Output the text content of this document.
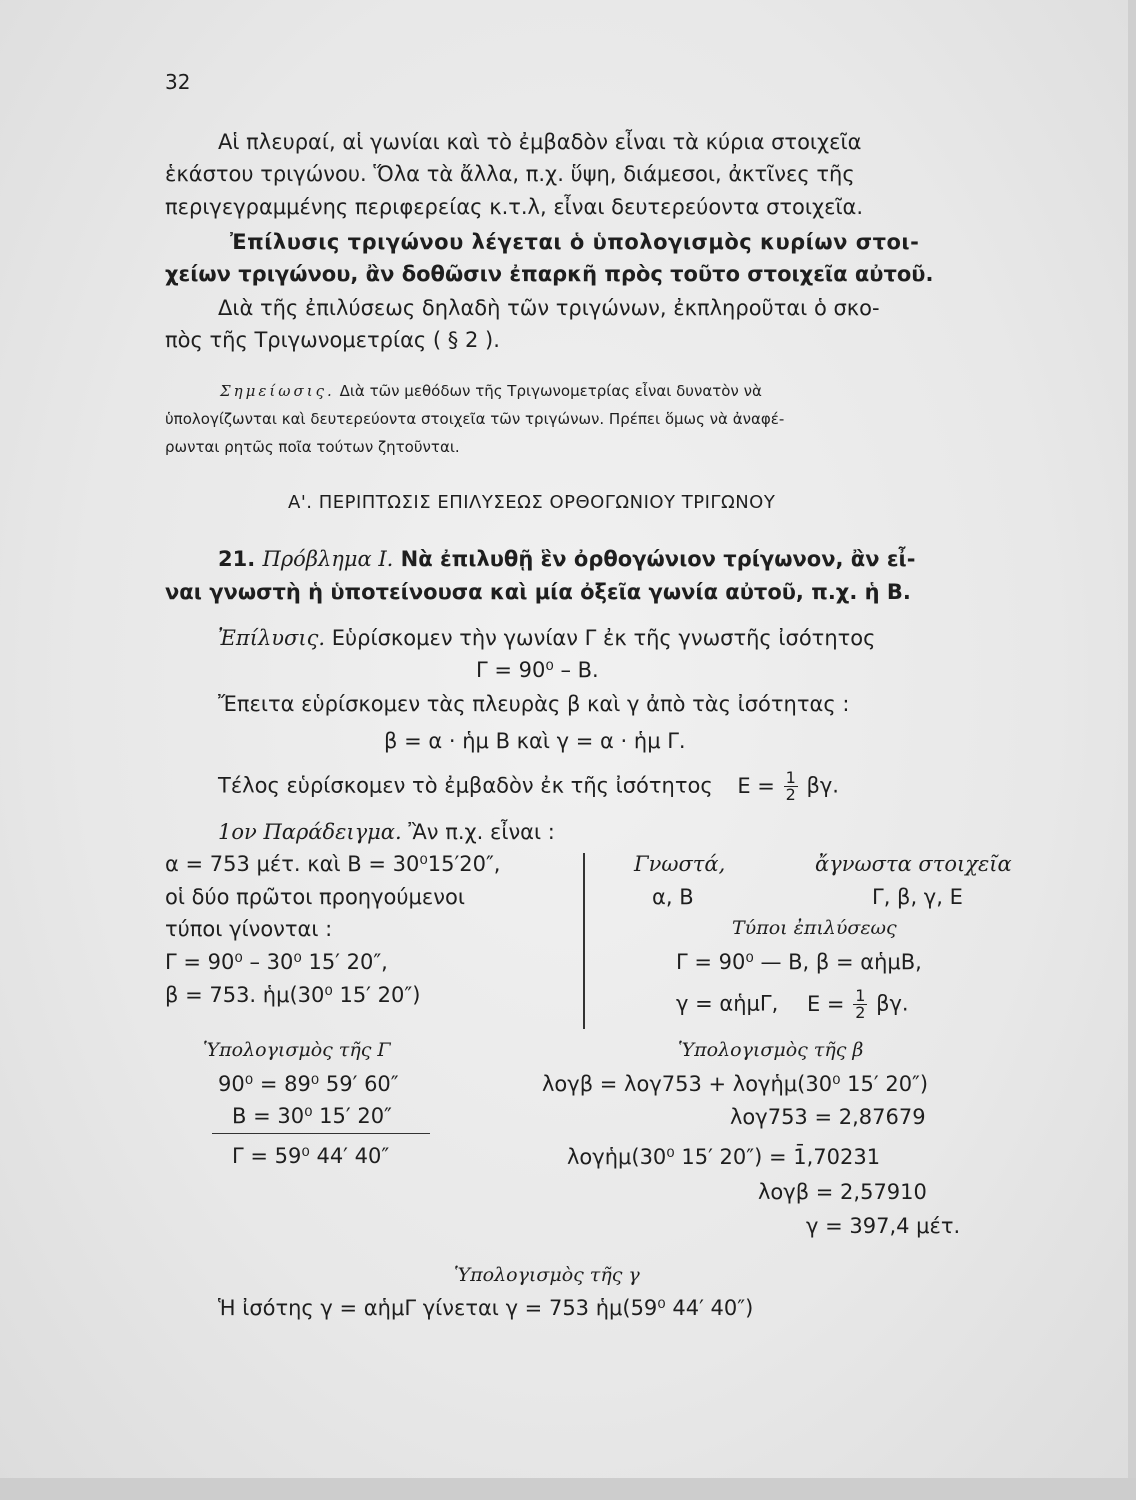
32
Αἱ πλευραί, αἱ γωνίαι καὶ τὸ ἐμβαδὸν εἶναι τὰ κύρια στοιχεῖα
ἑκάστου τριγώνου. Ὅλα τὰ ἄλλα, π.χ. ὕψη, διάμεσοι, ἀκτῖνες τῆς
περιγεγραμμένης περιφερείας κ.τ.λ, εἶναι δευτερεύοντα στοιχεῖα.
Ἐπίλυσις τριγώνου λέγεται ὁ ὑπολογισμὸς κυρίων στοι-
χείων τριγώνου, ἂν δοθῶσιν ἐπαρκῆ πρὸς τοῦτο στοιχεῖα αὐτοῦ.
Διὰ τῆς ἐπιλύσεως δηλαδὴ τῶν τριγώνων, ἐκπληροῦται ὁ σκο-
πὸς τῆς Τριγωνομετρίας ( § 2 ).
Σημείωσις. Διὰ τῶν μεθόδων τῆς Τριγωνομετρίας εἶναι δυνατὸν νὰ
ὑπολογίζωνται καὶ δευτερεύοντα στοιχεῖα τῶν τριγώνων. Πρέπει ὅμως νὰ ἀναφέ-
ρωνται ρητῶς ποῖα τούτων ζητοῦνται.
Α'. ΠΕΡΙΠΤΩΣΙΣ ΕΠΙΛΥΣΕΩΣ ΟΡΘΟΓΩΝΙΟΥ ΤΡΙΓΩΝΟΥ
21. Πρόβλημα Ι. Νὰ ἐπιλυθῇ ἓν ὀρθογώνιον τρίγωνον, ἂν εἶ-
ναι γνωστὴ ἡ ὑποτείνουσα καὶ μία ὀξεῖα γωνία αὐτοῦ, π.χ. ἡ Β.
Ἐπίλυσις. Εὑρίσκομεν τὴν γωνίαν Γ ἐκ τῆς γνωστῆς ἰσότητος
Γ = 90⁰ – Β.
Ἔπειτα εὑρίσκομεν τὰς πλευρὰς β καὶ γ ἀπὸ τὰς ἰσότητας :
β = α · ἡμ Β καὶ γ = α · ἡμ Γ.
Τέλος εὑρίσκομεν τὸ ἐμβαδὸν ἐκ τῆς ἰσότητος $E = \frac{1}{2} \beta\gamma$.
1ον Παράδειγμα. Ἂν π.χ. εἶναι :
α = 753 μέτ. καὶ Β = 30⁰15′20″,
οἱ δύο πρῶτοι προηγούμενοι
τύποι γίνονται :
Γ = 90⁰ – 30⁰ 15′ 20″,
β = 753. ἡμ(30⁰ 15′ 20″)
Γνωστά,	ἄγνωστα στοιχεῖα
α, Β	Γ, β, γ, Ε
Τύποι ἐπιλύσεως
Γ = 90⁰ — Β, β = αἡμΒ,
γ = αἡμΓ, $E = \frac{1}{2} \beta\gamma$.
Ὑπολογισμὸς τῆς Γ
90⁰ = 89⁰ 59′ 60″
Β = 30⁰ 15′ 20″
Γ = 59⁰ 44′ 40″
Ὑπολογισμὸς τῆς β
λογβ = λογ753 + λογἡμ(30⁰ 15′ 20″)
λογ753 = 2,87679
λογἡμ(30⁰ 15′ 20″) = 1̄,70231
λογβ = 2,57910
γ = 397,4 μέτ.
Ὑπολογισμὸς τῆς γ
Ἡ ἰσότης γ = αἡμΓ γίνεται γ = 753 ἡμ(59⁰ 44′ 40″)
